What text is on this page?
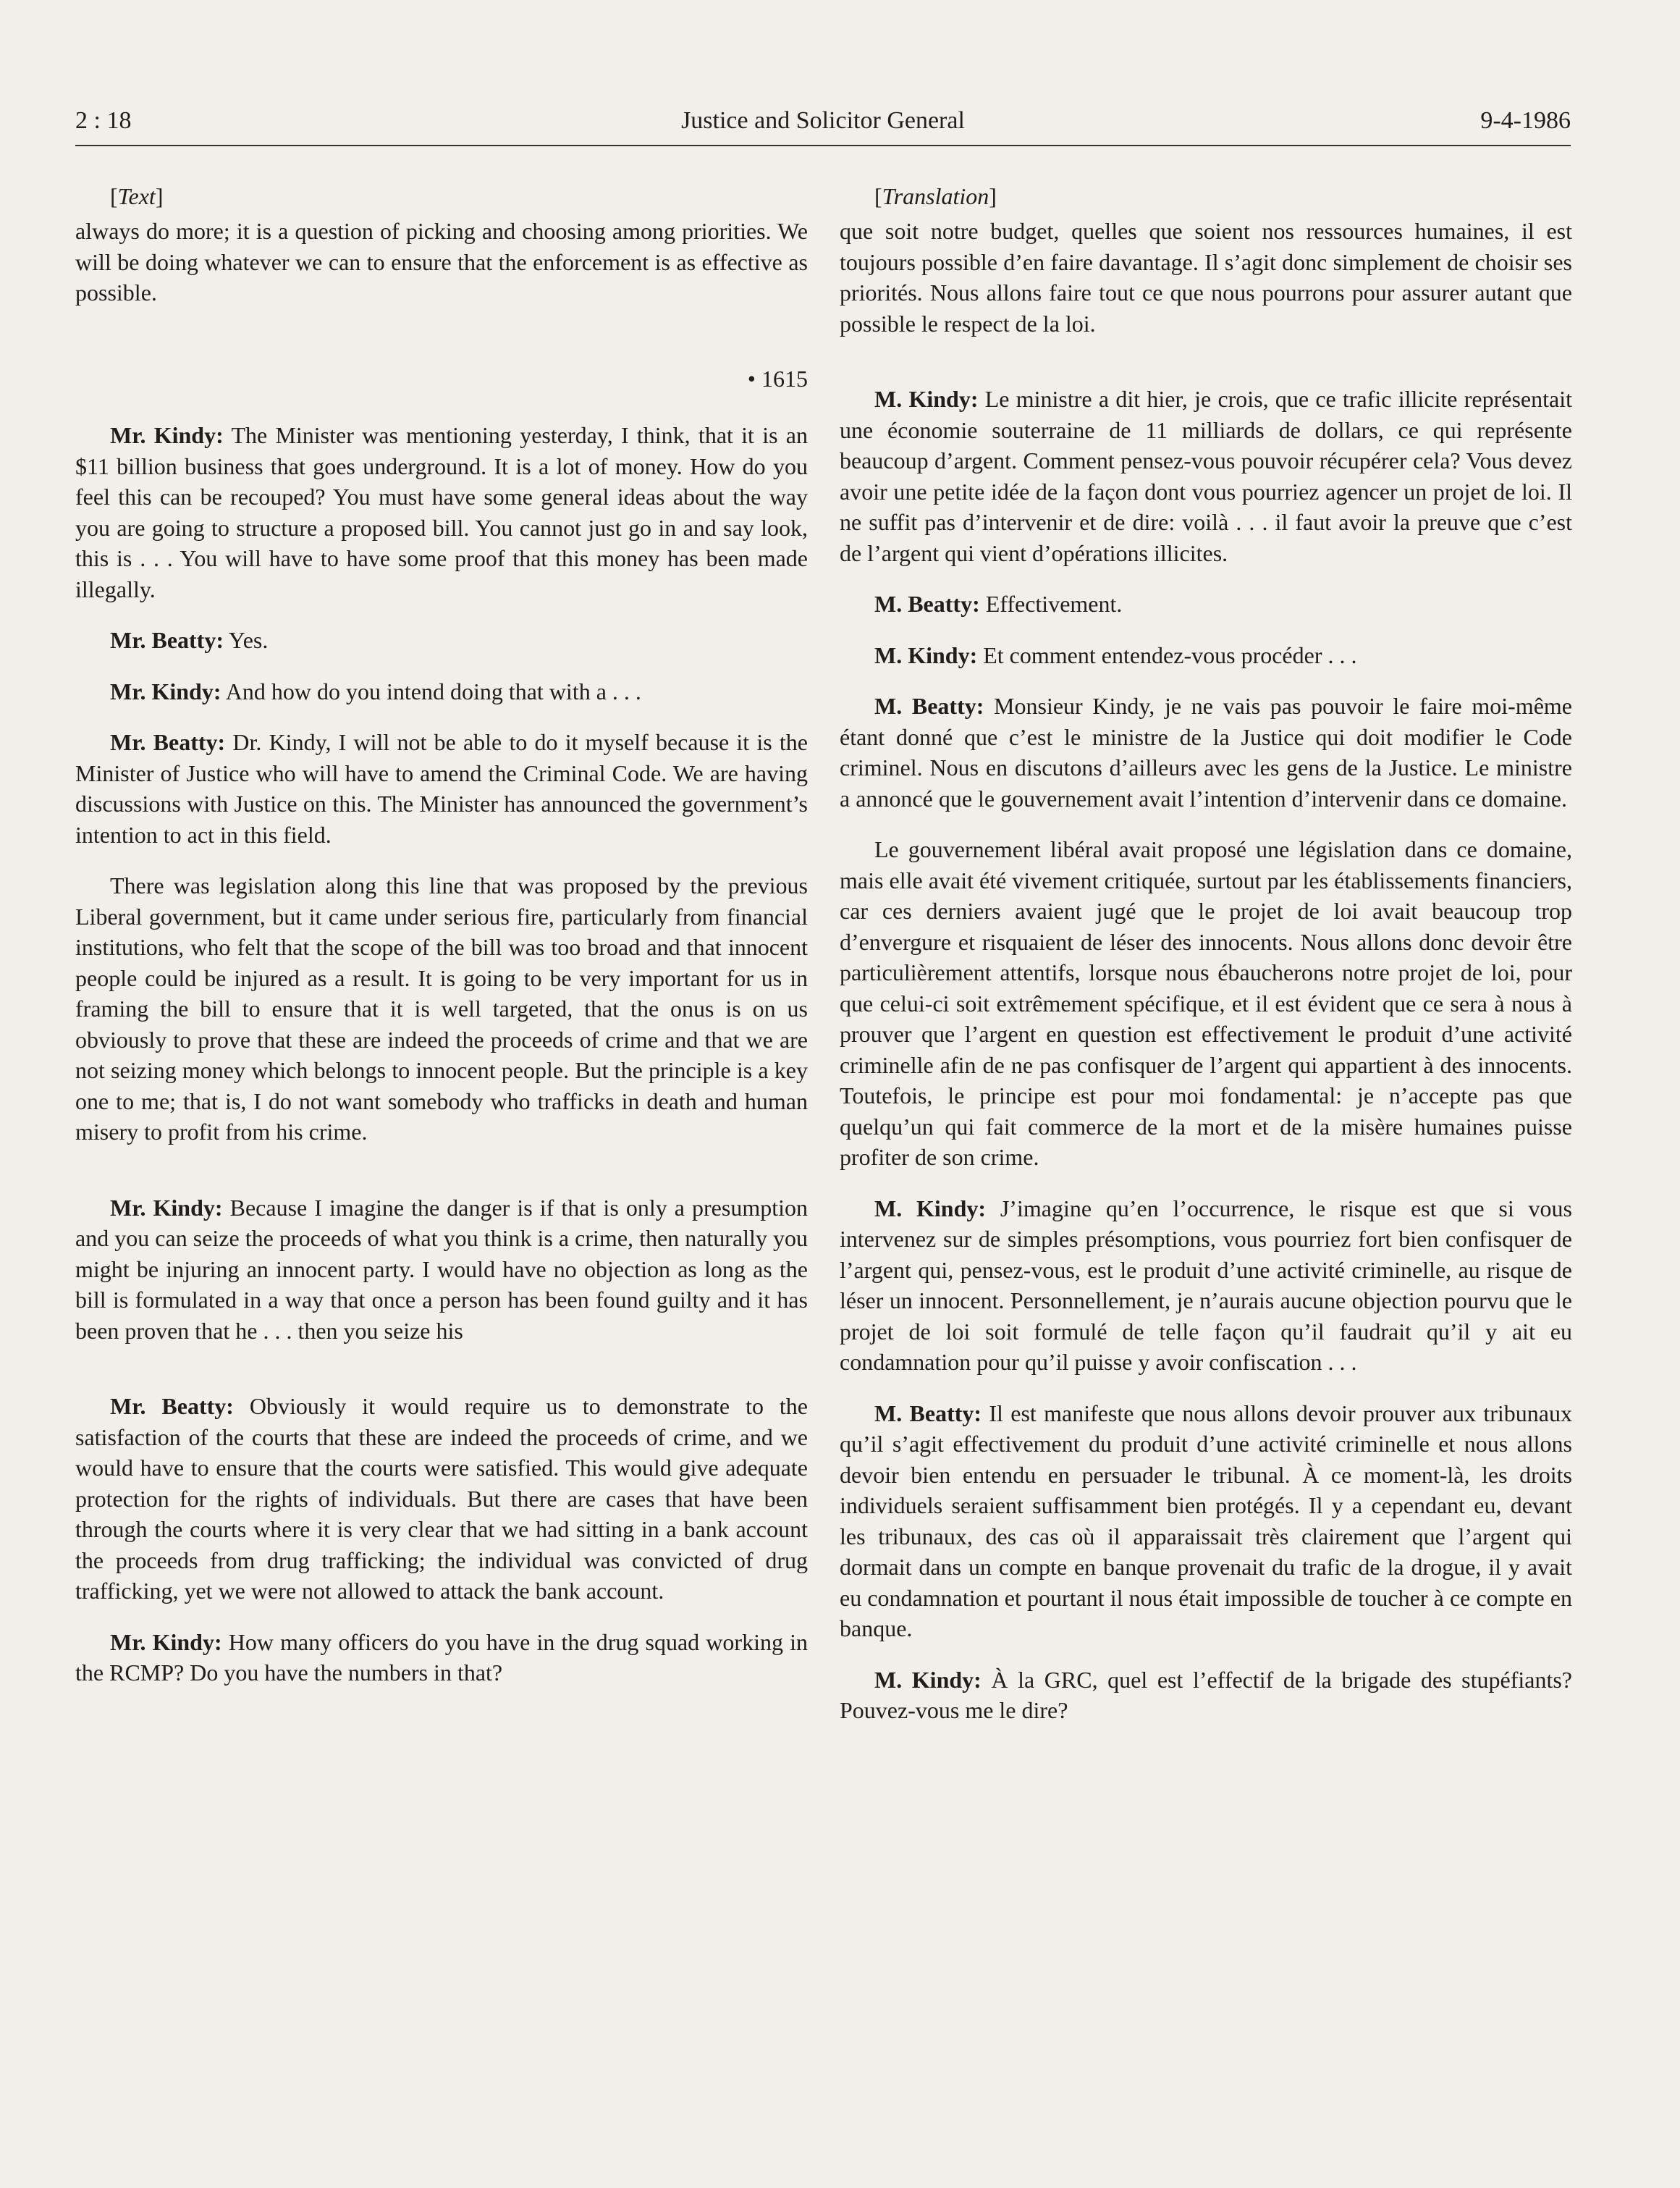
2 : 18	Justice and Solicitor General	9-4-1986

[Text]

always do more; it is a question of picking and choosing among priorities. We will be doing whatever we can to ensure that the enforcement is as effective as possible.

• 1615

Mr. Kindy: The Minister was mentioning yesterday, I think, that it is an $11 billion business that goes underground. It is a lot of money. How do you feel this can be recouped? You must have some general ideas about the way you are going to structure a proposed bill. You cannot just go in and say look, this is . . . You will have to have some proof that this money has been made illegally.

Mr. Beatty: Yes.

Mr. Kindy: And how do you intend doing that with a . . .

Mr. Beatty: Dr. Kindy, I will not be able to do it myself because it is the Minister of Justice who will have to amend the Criminal Code. We are having discussions with Justice on this. The Minister has announced the government’s intention to act in this field.

There was legislation along this line that was proposed by the previous Liberal government, but it came under serious fire, particularly from financial institutions, who felt that the scope of the bill was too broad and that innocent people could be injured as a result. It is going to be very important for us in framing the bill to ensure that it is well targeted, that the onus is on us obviously to prove that these are indeed the proceeds of crime and that we are not seizing money which belongs to innocent people. But the principle is a key one to me; that is, I do not want somebody who trafficks in death and human misery to profit from his crime.

Mr. Kindy: Because I imagine the danger is if that is only a presumption and you can seize the proceeds of what you think is a crime, then naturally you might be injuring an innocent party. I would have no objection as long as the bill is formulated in a way that once a person has been found guilty and it has been proven that he . . . then you seize his

Mr. Beatty: Obviously it would require us to demonstrate to the satisfaction of the courts that these are indeed the proceeds of crime, and we would have to ensure that the courts were satisfied. This would give adequate protection for the rights of individuals. But there are cases that have been through the courts where it is very clear that we had sitting in a bank account the proceeds from drug trafficking; the individual was convicted of drug trafficking, yet we were not allowed to attack the bank account.

Mr. Kindy: How many officers do you have in the drug squad working in the RCMP? Do you have the numbers in that?

[Translation]

que soit notre budget, quelles que soient nos ressources humaines, il est toujours possible d’en faire davantage. Il s’agit donc simplement de choisir ses priorités. Nous allons faire tout ce que nous pourrons pour assurer autant que possible le respect de la loi.

M. Kindy: Le ministre a dit hier, je crois, que ce trafic illicite représentait une économie souterraine de 11 milliards de dollars, ce qui représente beaucoup d’argent. Comment pensez-vous pouvoir récupérer cela? Vous devez avoir une petite idée de la façon dont vous pourriez agencer un projet de loi. Il ne suffit pas d’intervenir et de dire: voilà . . . il faut avoir la preuve que c’est de l’argent qui vient d’opérations illicites.

M. Beatty: Effectivement.

M. Kindy: Et comment entendez-vous procéder . . .

M. Beatty: Monsieur Kindy, je ne vais pas pouvoir le faire moi-même étant donné que c’est le ministre de la Justice qui doit modifier le Code criminel. Nous en discutons d’ailleurs avec les gens de la Justice. Le ministre a annoncé que le gouvernement avait l’intention d’intervenir dans ce domaine.

Le gouvernement libéral avait proposé une législation dans ce domaine, mais elle avait été vivement critiquée, surtout par les établissements financiers, car ces derniers avaient jugé que le projet de loi avait beaucoup trop d’envergure et risquaient de léser des innocents. Nous allons donc devoir être particulièrement attentifs, lorsque nous ébaucherons notre projet de loi, pour que celui-ci soit extrêmement spécifique, et il est évident que ce sera à nous à prouver que l’argent en question est effectivement le produit d’une activité criminelle afin de ne pas confisquer de l’argent qui appartient à des innocents. Toutefois, le principe est pour moi fondamental: je n’accepte pas que quelqu’un qui fait commerce de la mort et de la misère humaines puisse profiter de son crime.

M. Kindy: J’imagine qu’en l’occurrence, le risque est que si vous intervenez sur de simples présomptions, vous pourriez fort bien confisquer de l’argent qui, pensez-vous, est le produit d’une activité criminelle, au risque de léser un innocent. Personnellement, je n’aurais aucune objection pourvu que le projet de loi soit formulé de telle façon qu’il faudrait qu’il y ait eu condamnation pour qu’il puisse y avoir confiscation . . .

M. Beatty: Il est manifeste que nous allons devoir prouver aux tribunaux qu’il s’agit effectivement du produit d’une activité criminelle et nous allons devoir bien entendu en persuader le tribunal. À ce moment-là, les droits individuels seraient suffisamment bien protégés. Il y a cependant eu, devant les tribunaux, des cas où il apparaissait très clairement que l’argent qui dormait dans un compte en banque provenait du trafic de la drogue, il y avait eu condamnation et pourtant il nous était impossible de toucher à ce compte en banque.

M. Kindy: À la GRC, quel est l’effectif de la brigade des stupéfiants? Pouvez-vous me le dire?
